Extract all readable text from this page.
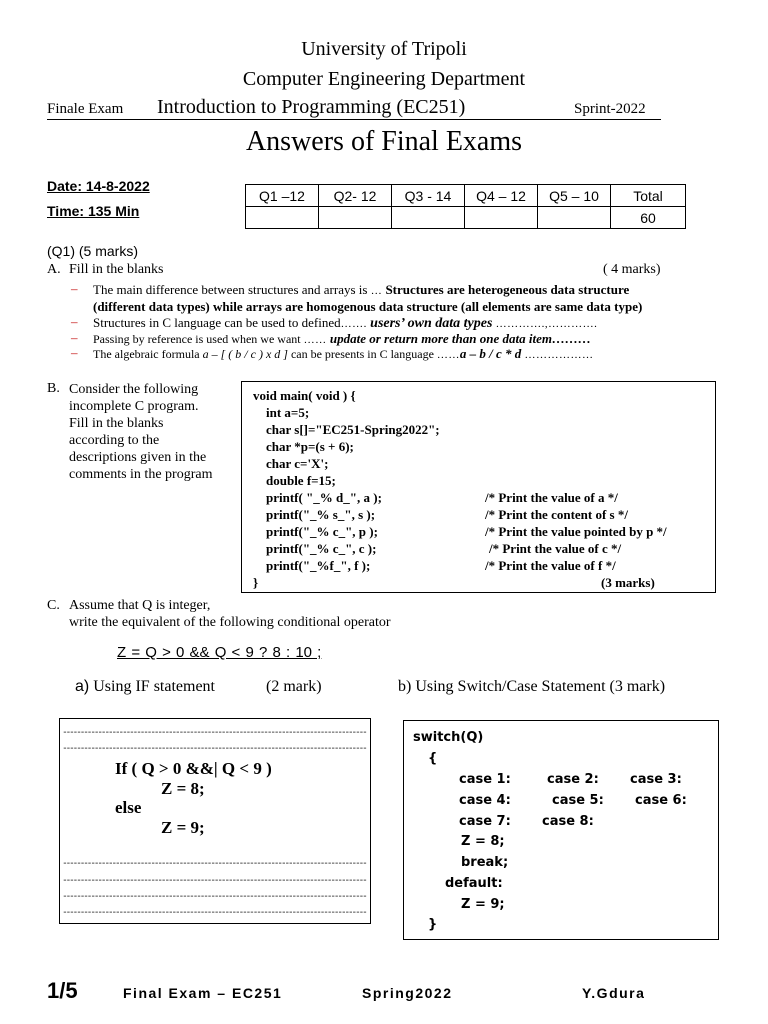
University of Tripoli
Computer Engineering Department
Finale Exam Introduction to Programming (EC251)	Sprint-2022
Answers of Final Exams
Date: 14-8-2022
Time: 135 Min
Q1 –12	Q2- 12	Q3 - 14	Q4 – 12	Q5 – 10	Total
					60
(Q1) (5 marks)
A. Fill in the blanks	( 4 marks)
– The main difference between structures and arrays is … Structures are heterogeneous data structure
(different data types) while arrays are homogenous data structure (all elements are same data type)
– Structures in C language can be used to defined……. users’ own data types ………….,………….
– Passing by reference is used when we want …… update or return more than one data item………
– The algebraic formula a – [ ( b / c ) x d ] can be presents in C language ……a – b / c * d ………………
B. Consider the following
incomplete C program.
Fill in the blanks
according to the
descriptions given in the
comments in the program
void main( void ) {
int a=5;
char s[]="EC251-Spring2022";
char *p=(s + 6);
char c='X';
double f=15;
printf( "_% d_", a );
printf("_% s_", s );
printf("_% c_", p );
printf("_% c_", c );
printf("_%f_", f );
}
/* Print the value of a */
/* Print the content of s */
/* Print the value pointed by p */
/* Print the value of c */
/* Print the value of f */
(3 marks)
C. Assume that Q is integer,
write the equivalent of the following conditional operator
Z = Q > 0 && Q < 9 ? 8 : 10 ;
a) Using IF statement	(2 mark)	b) Using Switch/Case Statement (3 mark)
--------------------------------------------------------------------------------------
--------------------------------------------------------------------------------------
If ( Q > 0 &&| Q < 9 )
Z = 8;
else
Z = 9;
--------------------------------------------------------------------------------------
--------------------------------------------------------------------------------------
--------------------------------------------------------------------------------------
--------------------------------------------------------------------------------------
switch(Q)
{
case 1:	case 2: case 3:
case 4:	case 5: case 6:
case 7: case 8:
Z = 8;
break;
default:
Z = 9;
}
1/5	Final Exam – EC251	Spring2022	Y.Gdura
